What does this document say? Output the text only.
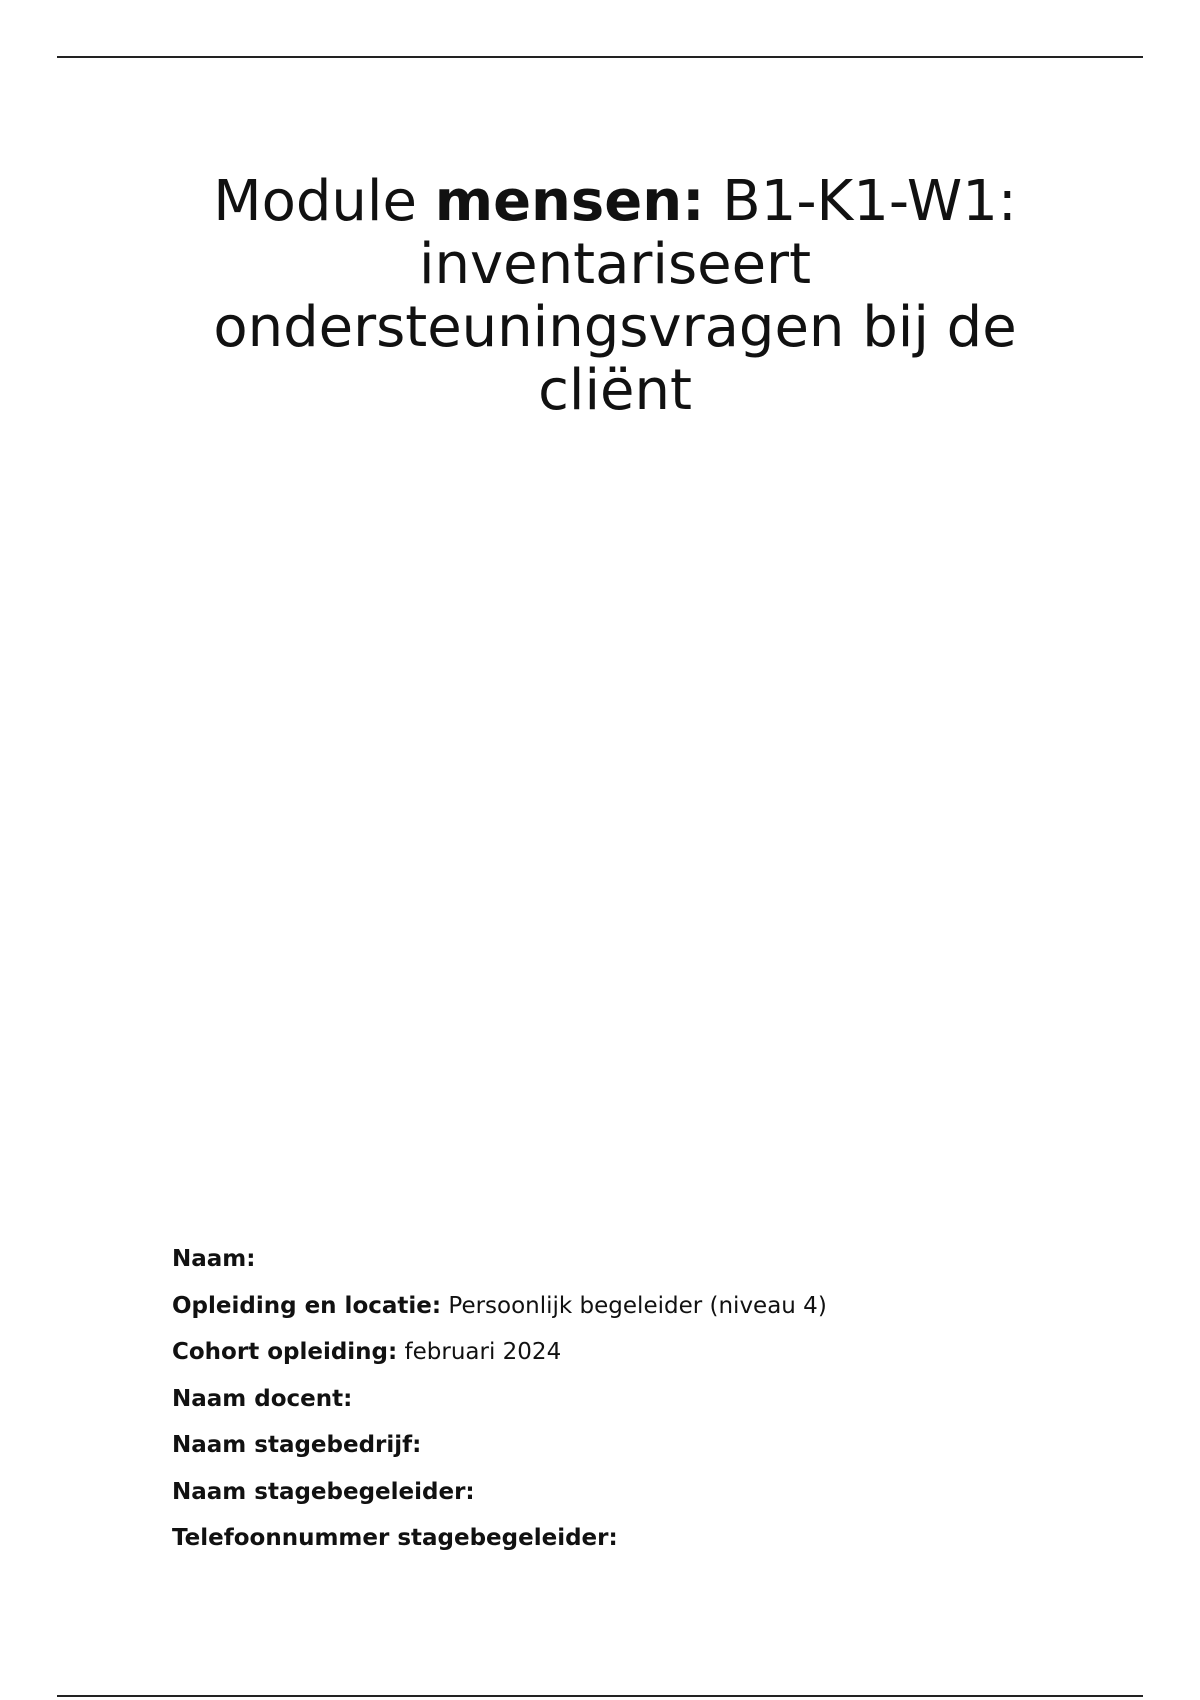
Module mensen: B1-K1-W1: inventariseert ondersteuningsvragen bij de cliënt
Naam:
Opleiding en locatie: Persoonlijk begeleider (niveau 4)
Cohort opleiding: februari 2024
Naam docent:
Naam stagebedrijf:
Naam stagebegeleider:
Telefoonnummer stagebegeleider:
